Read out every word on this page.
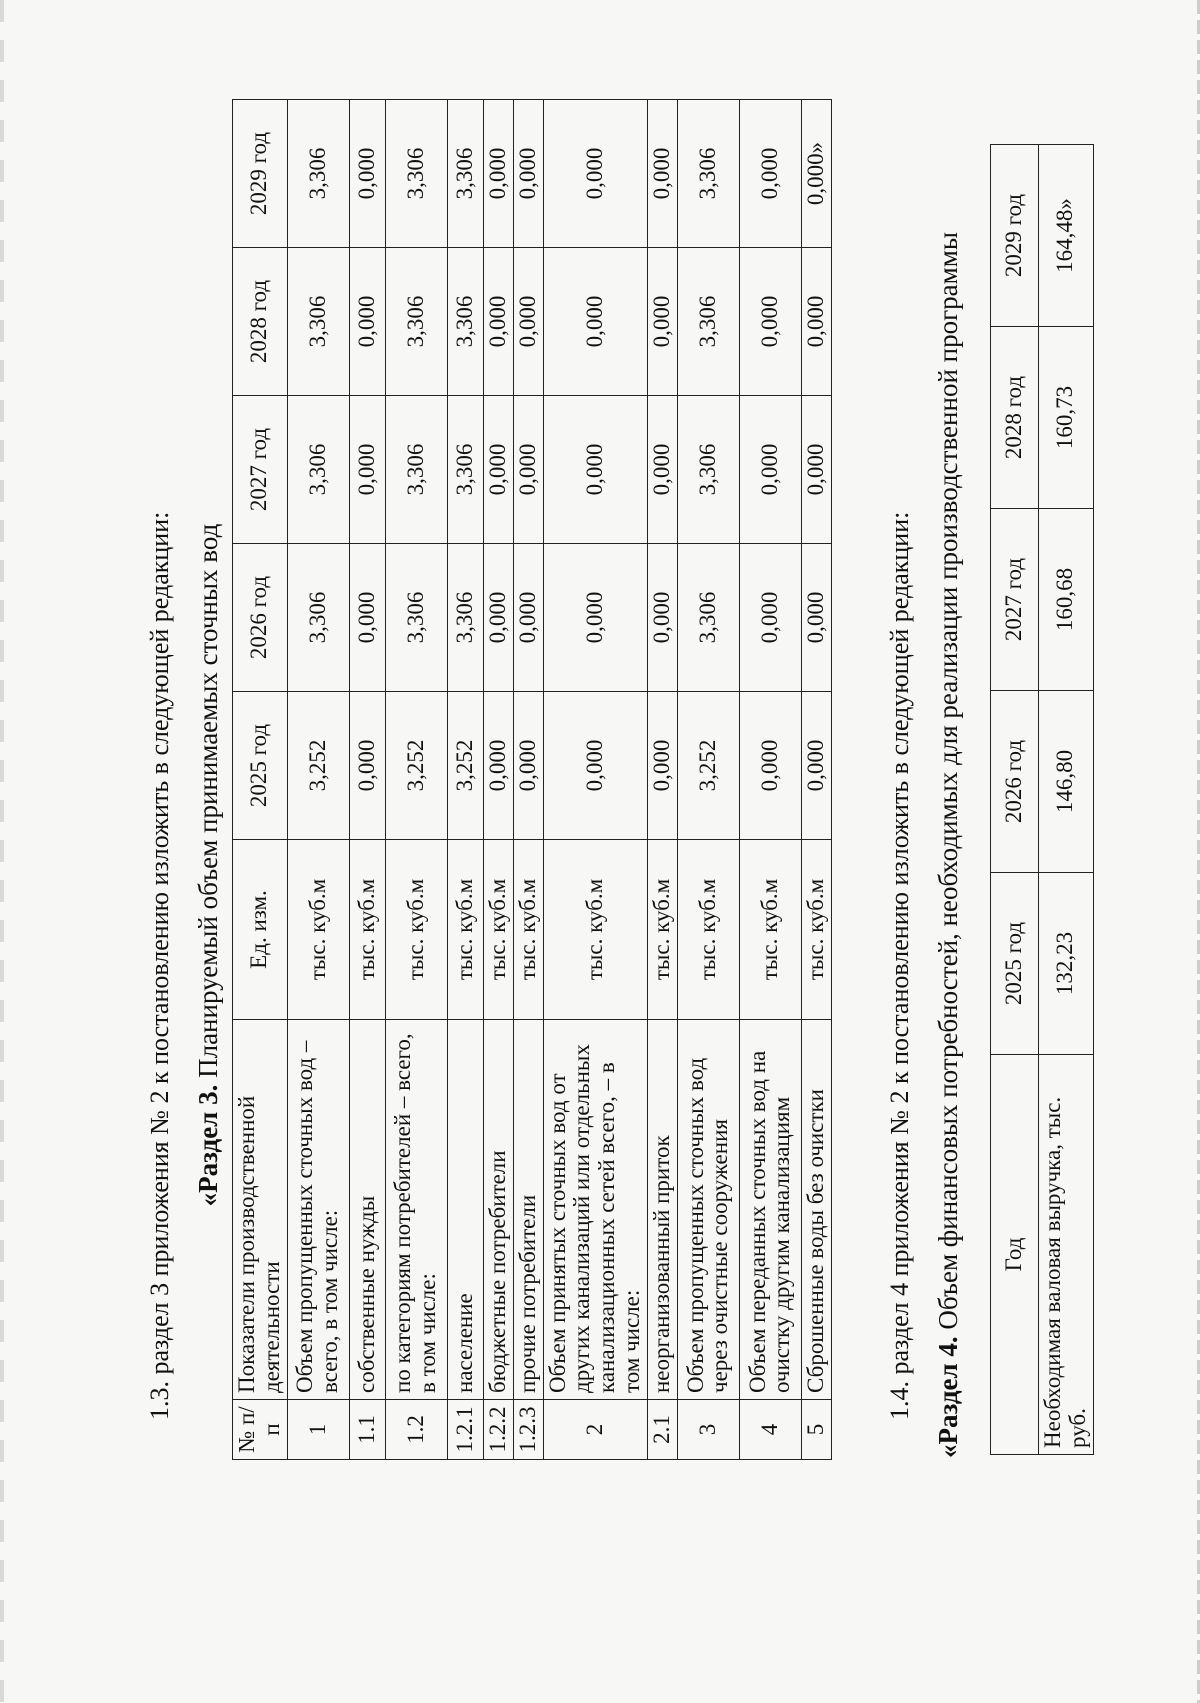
1.3. раздел 3 приложения № 2 к постановлению изложить в следующей редакции: «Раздел 3. Планируемый объем принимаемых сточных вод
№ п/п	Показатели производственной деятельности	Ед. изм.	2025 год	2026 год	2027 год	2028 год	2029 год
1	Объем пропущенных сточных вод – всего, в том числе:	тыс. куб.м	3,252	3,306	3,306	3,306	3,306
1.1	собственные нужды	тыс. куб.м	0,000	0,000	0,000	0,000	0,000
1.2	по категориям потребителей – всего, в том числе:	тыс. куб.м	3,252	3,306	3,306	3,306	3,306
1.2.1	население	тыс. куб.м	3,252	3,306	3,306	3,306	3,306
1.2.2	бюджетные потребители	тыс. куб.м	0,000	0,000	0,000	0,000	0,000
1.2.3	прочие потребители	тыс. куб.м	0,000	0,000	0,000	0,000	0,000
2	Объем принятых сточных вод от других канализаций или отдельных канализационных сетей всего, – в том числе:	тыс. куб.м	0,000	0,000	0,000	0,000	0,000
2.1	неорганизованный приток	тыс. куб.м	0,000	0,000	0,000	0,000	0,000
3	Объем пропущенных сточных вод через очистные сооружения	тыс. куб.м	3,252	3,306	3,306	3,306	3,306
4	Объем переданных сточных вод на очистку другим канализациям	тыс. куб.м	0,000	0,000	0,000	0,000	0,000
5	Сброшенные воды без очистки	тыс. куб.м	0,000	0,000	0,000	0,000	0,000»
1.4. раздел 4 приложения № 2 к постановлению изложить в следующей редакции: «Раздел 4. Объем финансовых потребностей, необходимых для реализации производственной программы Год	2025 год	2026 год	2027 год	2028 год	2029 год
Необходимая валовая выручка, тыс. руб.	132,23	146,80	160,68	160,73	164,48»
